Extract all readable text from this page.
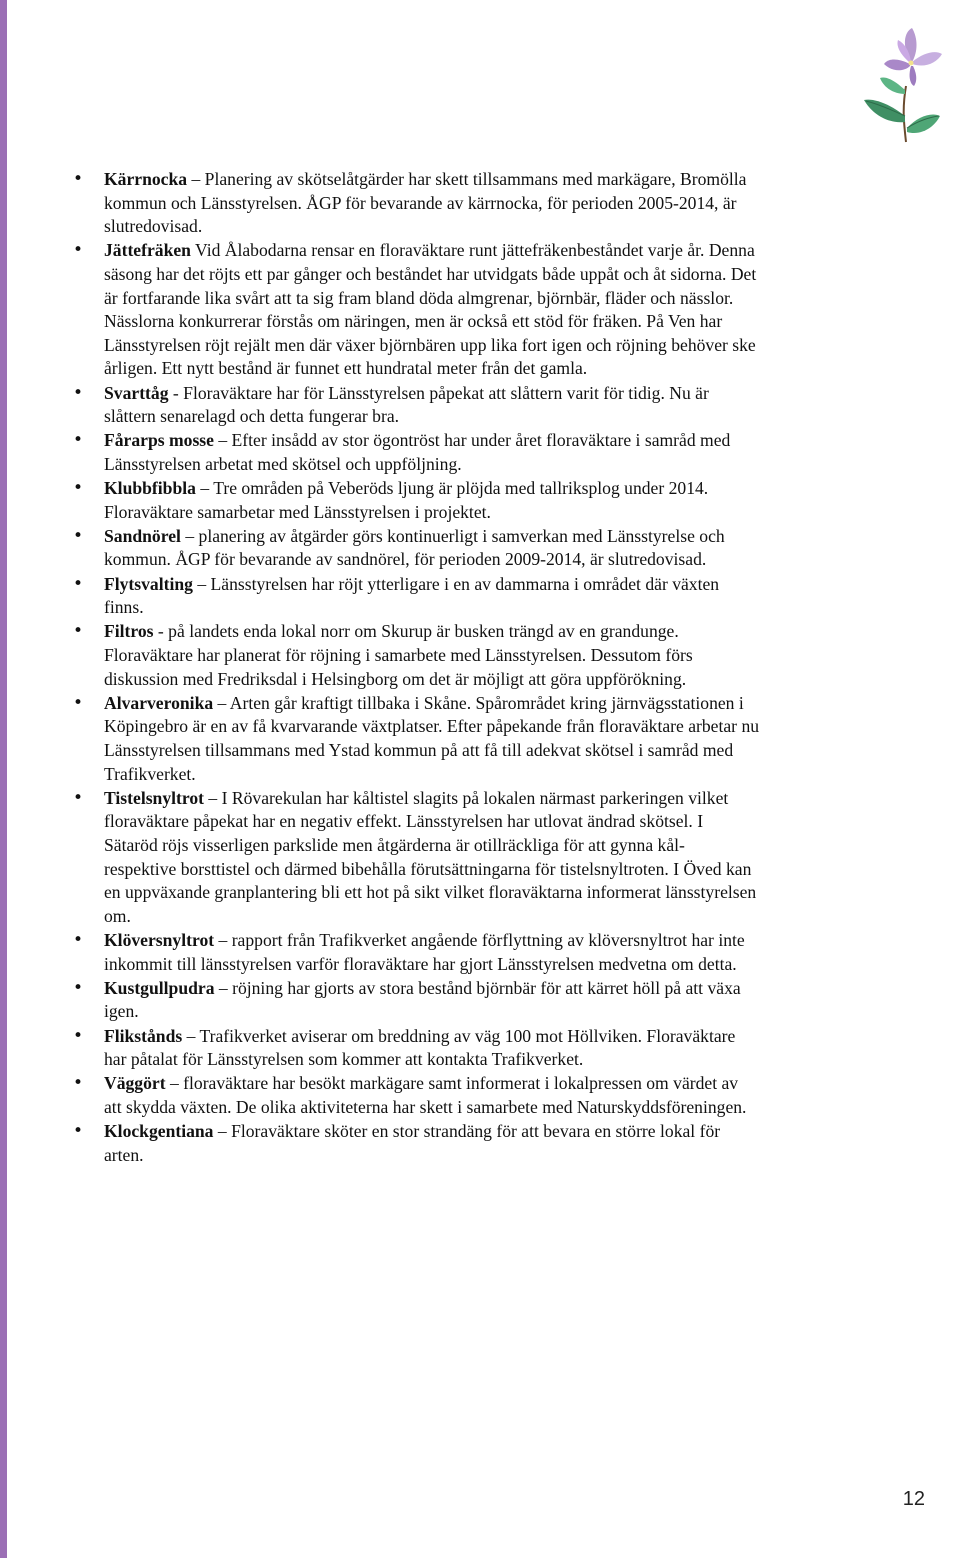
• Kärrnocka – Planering av skötselåtgärder har skett tillsammans med markägare, Bromölla kommun och Länsstyrelsen. ÅGP för bevarande av kärrnocka, för perioden 2005-2014, är slutredovisad.
• Jättefräken Vid Ålabodarna rensar en floraväktare runt jättefräkenbeståndet varje år. Denna säsong har det röjts ett par gånger och beståndet har utvidgats både uppåt och åt sidorna. Det är fortfarande lika svårt att ta sig fram bland döda almgrenar, björnbär, fläder och nässlor. Nässlorna konkurrerar förstås om näringen, men är också ett stöd för fräken. På Ven har Länsstyrelsen röjt rejält men där växer björnbären upp lika fort igen och röjning behöver ske årligen. Ett nytt bestånd är funnet ett hundratal meter från det gamla.
• Svarttåg - Floraväktare har för Länsstyrelsen påpekat att slåttern varit för tidig. Nu är slåttern senarelagd och detta fungerar bra.
• Fårarps mosse – Efter insådd av stor ögontröst har under året floraväktare i samråd med Länsstyrelsen arbetat med skötsel och uppföljning.
• Klubbfibbla – Tre områden på Veberöds ljung är plöjda med tallriksplog under 2014. Floraväktare samarbetar med Länsstyrelsen i projektet.
• Sandnörel – planering av åtgärder görs kontinuerligt i samverkan med Länsstyrelse och kommun. ÅGP för bevarande av sandnörel, för perioden 2009-2014, är slutredovisad.
• Flytsvalting – Länsstyrelsen har röjt ytterligare i en av dammarna i området där växten finns.
• Filtros - på landets enda lokal norr om Skurup är busken trängd av en grandunge. Floraväktare har planerat för röjning i samarbete med Länsstyrelsen. Dessutom förs diskussion med Fredriksdal i Helsingborg om det är möjligt att göra uppförökning.
• Alvarveronika – Arten går kraftigt tillbaka i Skåne. Spårområdet kring järnvägsstationen i Köpingebro är en av få kvarvarande växtplatser. Efter påpekande från floraväktare arbetar nu Länsstyrelsen tillsammans med Ystad kommun på att få till adekvat skötsel i samråd med Trafikverket.
• Tistelsnyltrot – I Rövarekulan har kåltistel slagits på lokalen närmast parkeringen vilket floraväktare påpekat har en negativ effekt. Länsstyrelsen har utlovat ändrad skötsel. I Sätaröd röjs visserligen parkslide men åtgärderna är otillräckliga för att gynna kål- respektive borsttistel och därmed bibehålla förutsättningarna för tistelsnyltroten. I Öved kan en uppväxande granplantering bli ett hot på sikt vilket floraväktarna informerat länsstyrelsen om.
• Klöversnyltrot – rapport från Trafikverket angående förflyttning av klöversnyltrot har inte inkommit till länsstyrelsen varför floraväktare har gjort Länsstyrelsen medvetna om detta.
• Kustgullpudra – röjning har gjorts av stora bestånd björnbär för att kärret höll på att växa igen.
• Flikstånds – Trafikverket aviserar om breddning av väg 100 mot Höllviken. Floraväktare har påtalat för Länsstyrelsen som kommer att kontakta Trafikverket.
• Väggört – floraväktare har besökt markägare samt informerat i lokalpressen om värdet av att skydda växten. De olika aktiviteterna har skett i samarbete med Naturskyddsföreningen.
• Klockgentiana – Floraväktare sköter en stor strandäng för att bevara en större lokal för arten.
12
